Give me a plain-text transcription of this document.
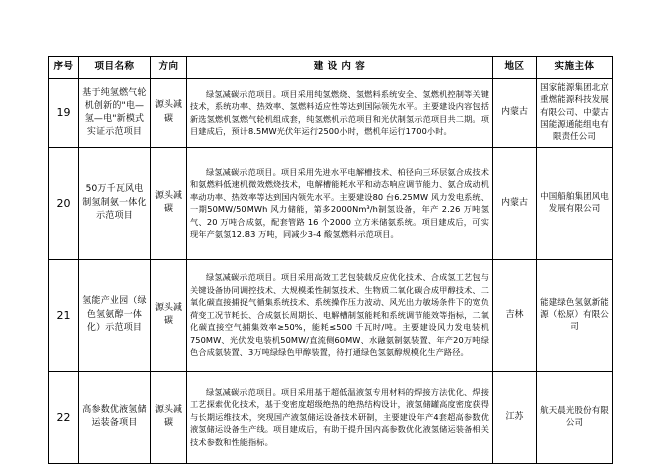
序号	项目名称	方向	建 设 内 容	地区	实施主体
19	基于纯氢燃气轮机创新的"电—氢—电"新模式实证示范项目	源头减碳	绿氢减碳示范项目。项目采用纯氢燃烧、氢燃料系统安全、氢燃机控制等关键技术，系统功率、热效率、氢燃料适应性等达到国际领先水平。主要建设内容包括新选氢燃机氢燃气轮机组成套，纯氢燃机示范项目和光伏制氢示范项目共二期。项目建成后，预计8.5MW光伏年运行2500小时，燃机年运行1700小时。	内蒙古	国家能源集团北京重燃能源科技发展有限公司、中蒙古国能源通能组电有限责任公司
20	50万千瓦风电制氢制氨一体化示范项目	源头减碳	绿氢减碳示范项目。项目采用先进水平电解槽技术、柏径向三环层氨合成技术和氨燃料低速机微效燃烧技术，电解槽能耗水平和动态响应调节能力、氨合成动机率动功率、热效率等达到国内领先水平。主要建设80 台6.25MW 风力发电系统、一期50MW/50MWh 风力储能，第多2000Nm³/h制氢设备，年产 2.26 万吨氢气、20 万吨合成氨，配套管路 16 个2000 立方米储氨系统。项目建成后，可实现年产氨氢12.83 万吨，同减少3-4 酸氢燃料示范项目。	内蒙古	中国船舶集团风电发展有限公司
21	氢能产业园（绿色氢氨醇一体化）示范项目	源头减碳	绿氢减碳示范项目。项目采用高效工艺包装载反应优化技术、合成氢工艺包与关键设备协同调控技术、大规模柔性制氢技术、生物质二氧化碳合成甲醇技术、二氧化碳直接捕捉气循集系统技术、系统操作压力波动、风光出力敏场条件下的宽负荷变工况节耗长、合成氨长周期长、电解槽制氢能耗和系统调节能效等指标，二氧化碳直接空气捕集效率≥50%，能耗≤500 千瓦时/吨。主要建设风力发电装机750MW、光伏发电装机50MW/直流侧60MW、水融氨制氨装置、年产20万吨绿色合成氨装置、3万吨绿绿色甲醇装置，待打通绿色氢氨醇规模化生产路径。	吉林	能建绿色氢氨新能源（松原）有限公司
22	高参数优液氢储运装备项目	源头减碳	绿氢减碳示范项目。项目采用基于超低温液氢专用材料的焊接方法优化、焊接工艺探索优化技术，基于变密度超级绝热的绝热结构设计，液氢储罐高度密度获得与长期运维技术，突现国产液氢储运设备技术研制，主要建设年产4套超高参数优液氢储运设备生产线。项目建成后，有助于提升国内高参数优化液氢储运装备相关技术参数和性能指标。	江苏	航天晨光股份有限公司
